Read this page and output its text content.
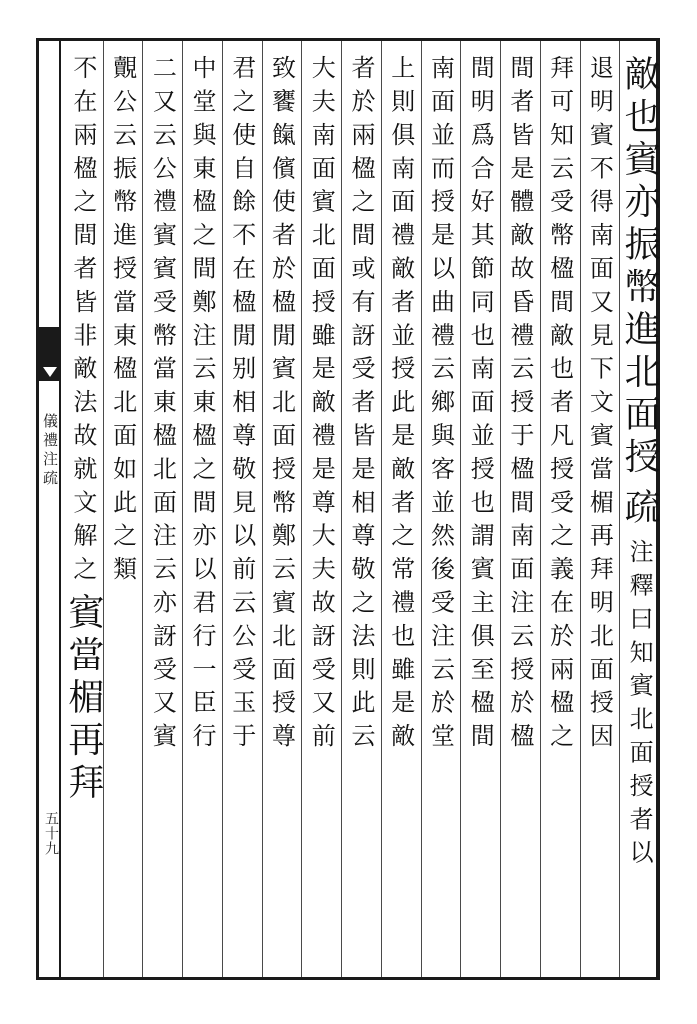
儀禮注疏
五十九
敵也賓亦振幣進北面授
疏
注釋曰知賓北面授者以
退明賓不得南面又見下文賓當楣再拜明北面授因
拜可知云受幣楹間敵也者凡授受之義在於兩楹之
間者皆是體敵故昏禮云授于楹間南面注云授於楹
間明爲合好其節同也南面並授也謂賓主俱至楹間
南面並而授是以曲禮云鄉與客並然後受注云於堂
上則俱南面禮敵者並授此是敵者之常禮也雖是敵
者於兩楹之間或有訝受者皆是相尊敬之法則此云
大夫南面賓北面授雖是敵禮是尊大夫故訝受又前
致饔餼儐使者於楹閒賓北面授幣鄭云賓北面授尊
君之使自餘不在楹閒别相尊敬見以前云公受玉于
中堂與東楹之間鄭注云東楹之間亦以君行一臣行
二又云公禮賓賓受幣當東楹北面注云亦訝受又賓
覿公云振幣進授當東楹北面如此之類
不在兩楹之間者皆非敵法故就文解之
賓當楣再拜
